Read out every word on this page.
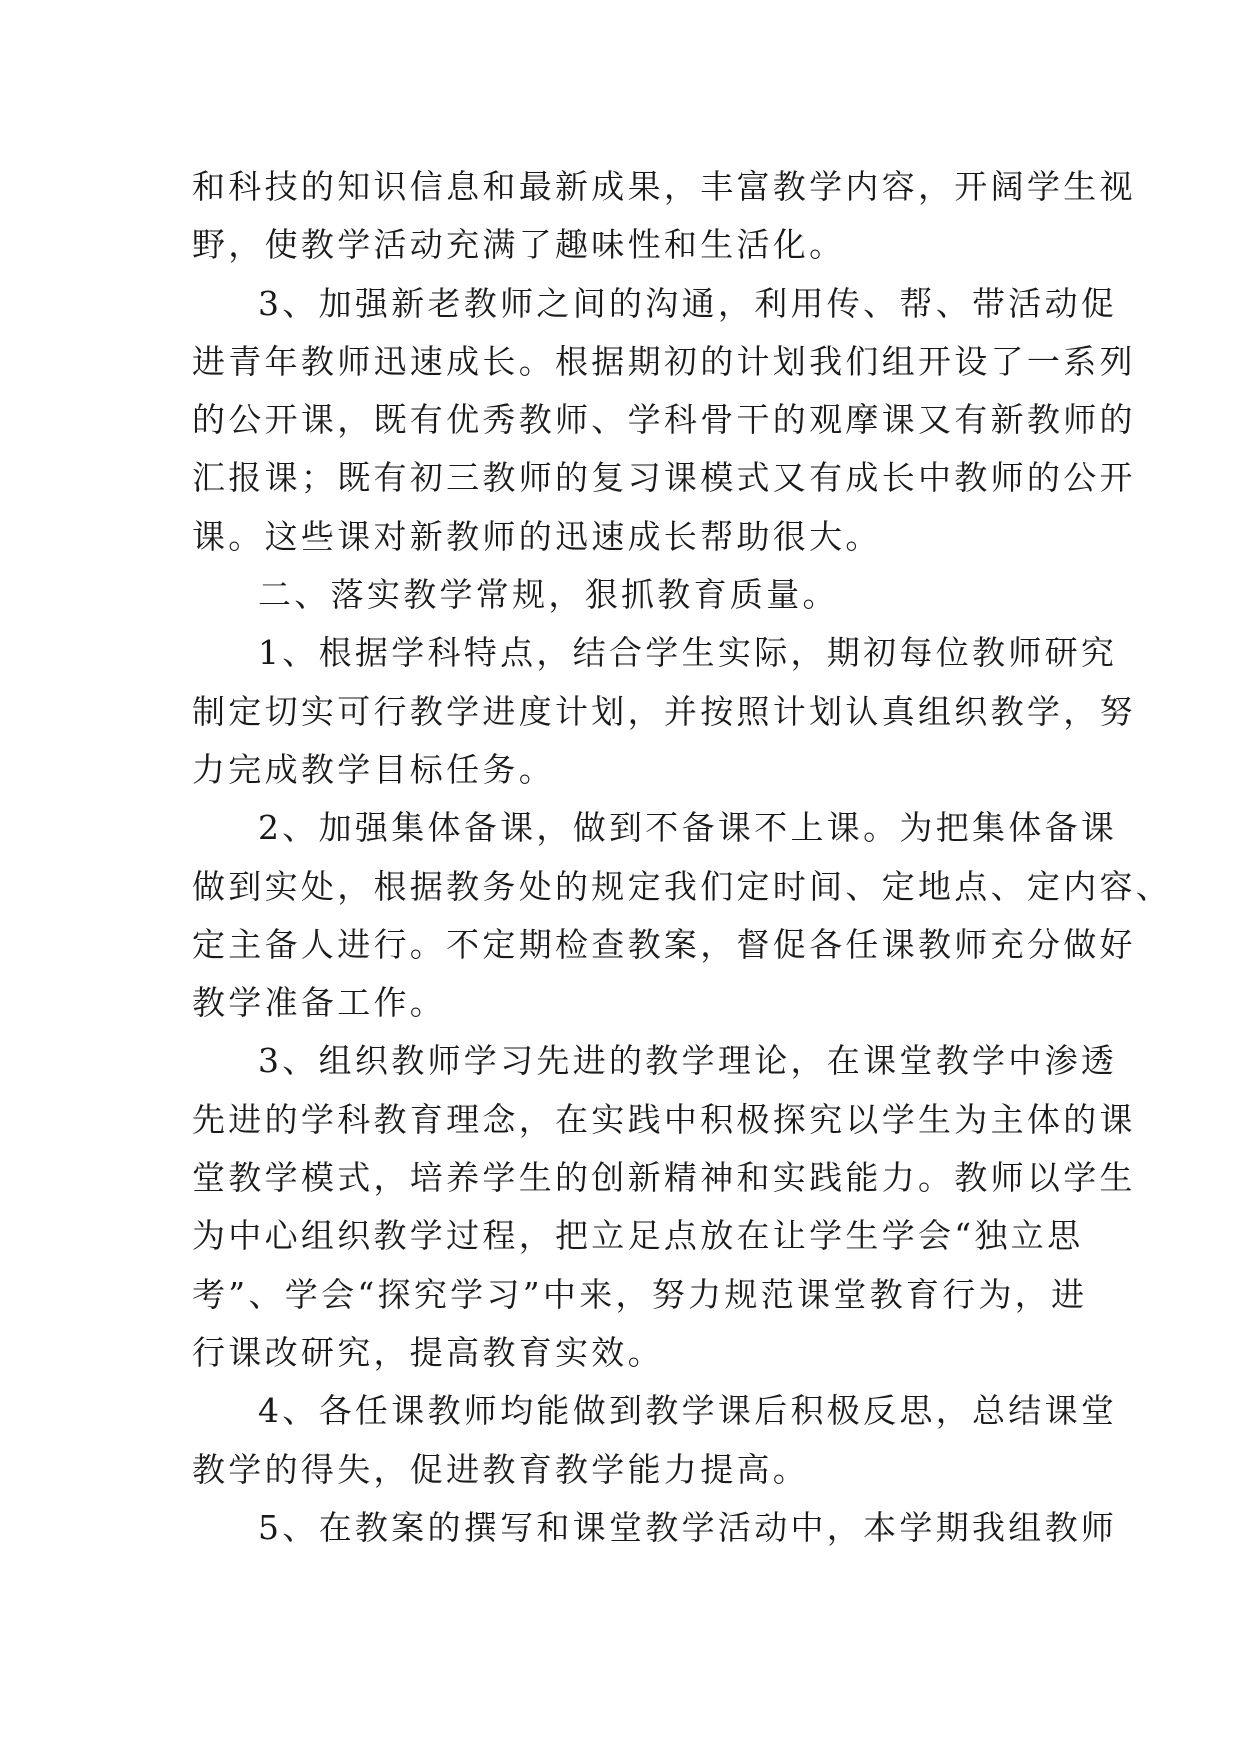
和科技的知识信息和最新成果，丰富教学内容，开阔学生视
野，使教学活动充满了趣味性和生活化。
3、加强新老教师之间的沟通，利用传、帮、带活动促
进青年教师迅速成长。根据期初的计划我们组开设了一系列
的公开课，既有优秀教师、学科骨干的观摩课又有新教师的
汇报课；既有初三教师的复习课模式又有成长中教师的公开
课。这些课对新教师的迅速成长帮助很大。
二、落实教学常规，狠抓教育质量。
1、根据学科特点，结合学生实际，期初每位教师研究
制定切实可行教学进度计划，并按照计划认真组织教学，努
力完成教学目标任务。
2、加强集体备课，做到不备课不上课。为把集体备课
做到实处，根据教务处的规定我们定时间、定地点、定内容、
定主备人进行。不定期检查教案，督促各任课教师充分做好
教学准备工作。
3、组织教师学习先进的教学理论，在课堂教学中渗透
先进的学科教育理念，在实践中积极探究以学生为主体的课
堂教学模式，培养学生的创新精神和实践能力。教师以学生
为中心组织教学过程，把立足点放在让学生学会“独立思
考”、学会“探究学习”中来，努力规范课堂教育行为，进
行课改研究，提高教育实效。
4、各任课教师均能做到教学课后积极反思，总结课堂
教学的得失，促进教育教学能力提高。
5、在教案的撰写和课堂教学活动中，本学期我组教师
